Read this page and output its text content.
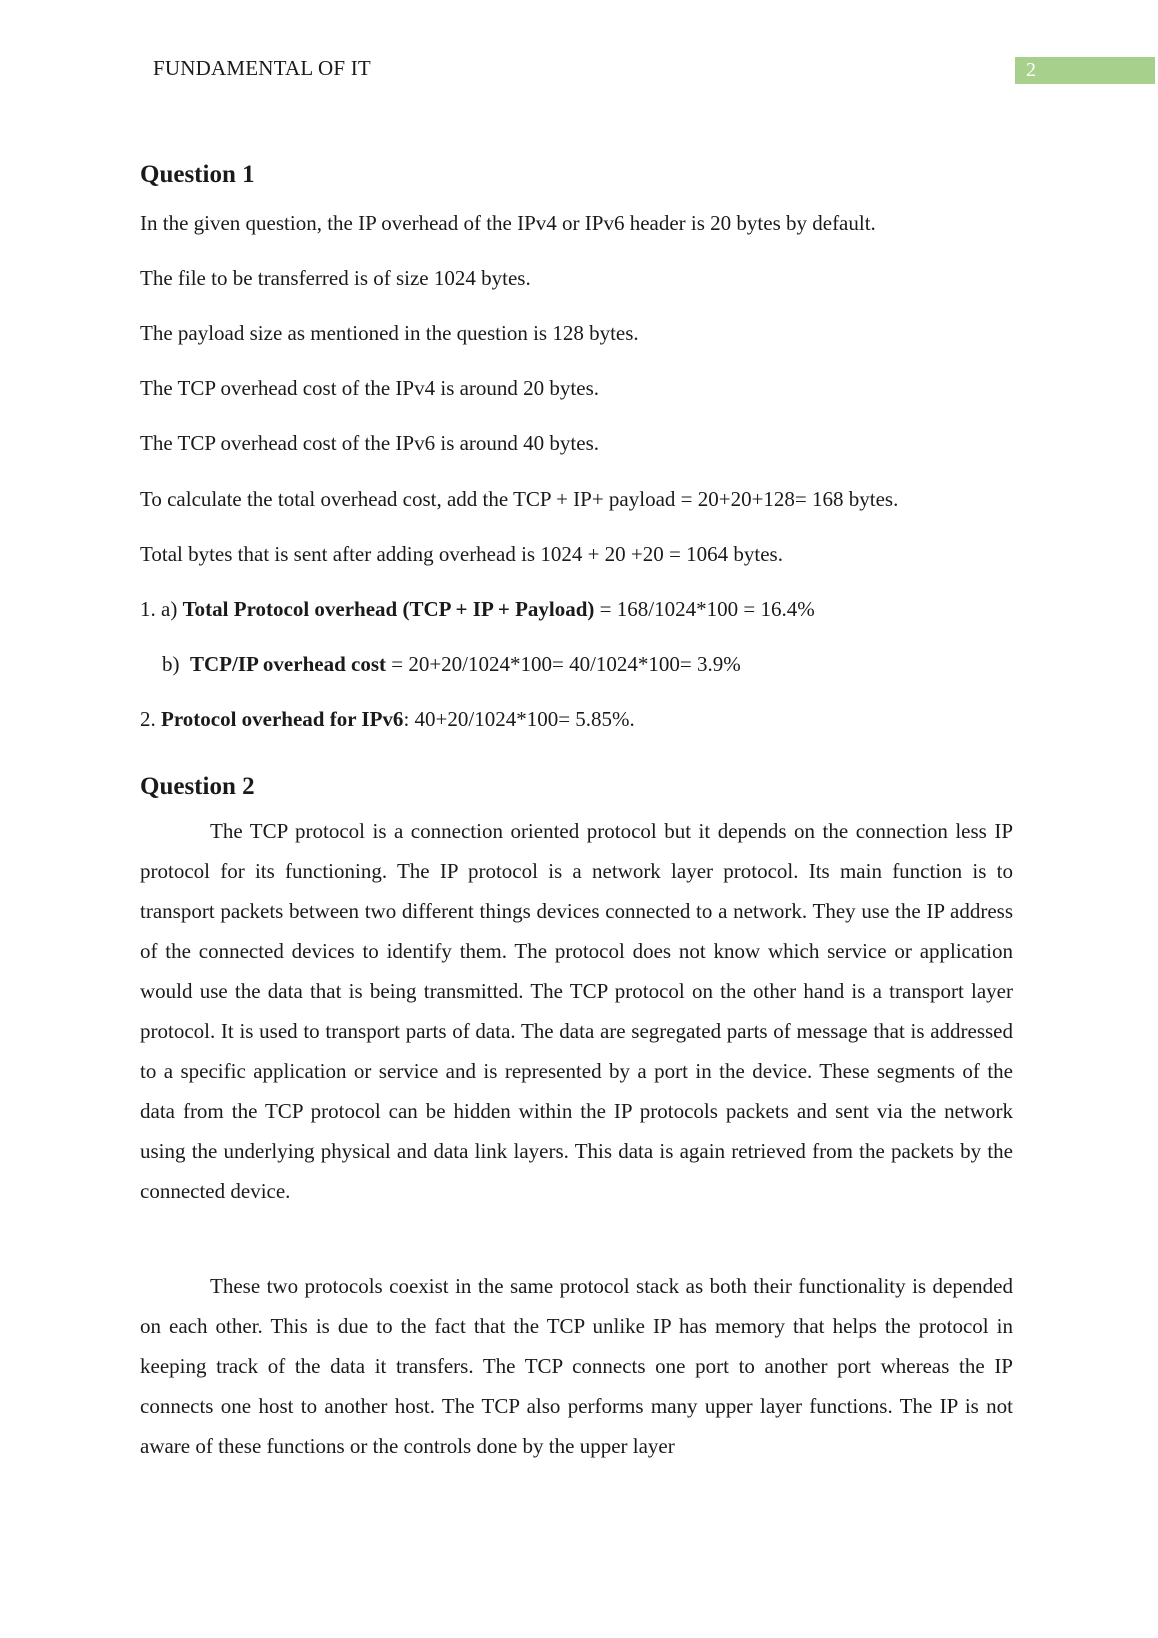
FUNDAMENTAL OF IT	2
Question 1

In the given question, the IP overhead of the IPv4 or IPv6 header is 20 bytes by default.

The file to be transferred is of size 1024 bytes.

The payload size as mentioned in the question is 128 bytes.

The TCP overhead cost of the IPv4 is around 20 bytes.

The TCP overhead cost of the IPv6 is around 40 bytes.

To calculate the total overhead cost, add the TCP + IP+ payload = 20+20+128= 168 bytes.

Total bytes that is sent after adding overhead is 1024 + 20 +20 = 1064 bytes.

1. a) Total Protocol overhead (TCP + IP + Payload) = 168/1024*100 = 16.4%

b)  TCP/IP overhead cost = 20+20/1024*100= 40/1024*100= 3.9%

2. Protocol overhead for IPv6: 40+20/1024*100= 5.85%.

Question 2

The TCP protocol is a connection oriented protocol but it depends on the connection less IP protocol for its functioning. The IP protocol is a network layer protocol. Its main function is to transport packets between two different things devices connected to a network. They use the IP address of the connected devices to identify them. The protocol does not know which service or application would use the data that is being transmitted. The TCP protocol on the other hand is a transport layer protocol. It is used to transport parts of data. The data are segregated parts of message that is addressed to a specific application or service and is represented by a port in the device. These segments of the data from the TCP protocol can be hidden within the IP protocols packets and sent via the network using the underlying physical and data link layers. This data is again retrieved from the packets by the connected device.

These two protocols coexist in the same protocol stack as both their functionality is depended on each other. This is due to the fact that the TCP unlike IP has memory that helps the protocol in keeping track of the data it transfers. The TCP connects one port to another port whereas the IP connects one host to another host. The TCP also performs many upper layer functions. The IP is not aware of these functions or the controls done by the upper layer
